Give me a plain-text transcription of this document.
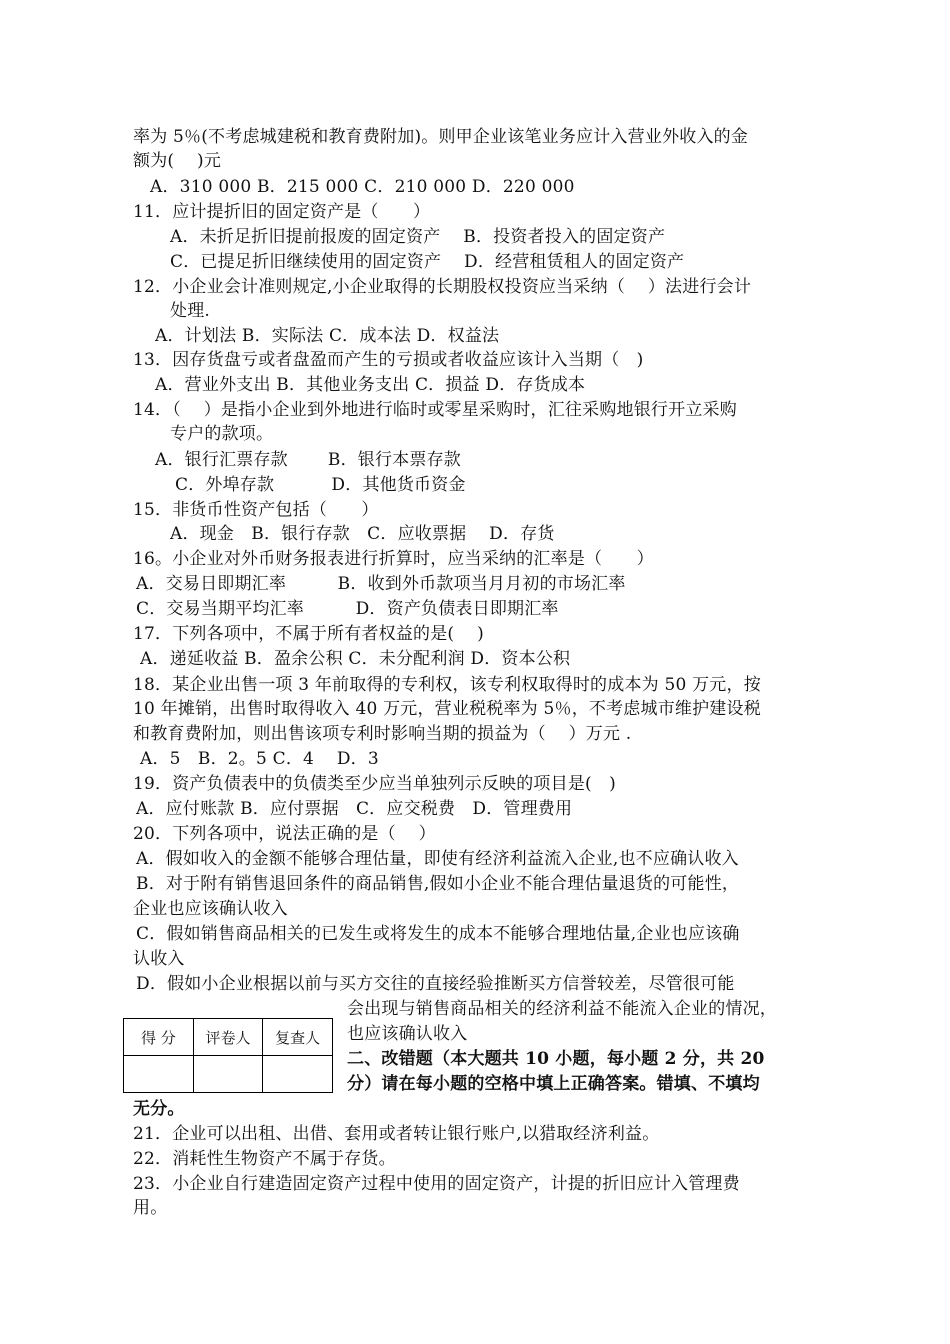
率为 5％(不考虑城建税和教育费附加)。则甲企业该笔业务应计入营业外收入的金
额为(　 )元
A．310 000 B．215 000 C．210 000 D．220 000
11．应计提折旧的固定资产是（　　）
A．未折足折旧提前报废的固定资产　 B．投资者投入的固定资产
C．已提足折旧继续使用的固定资产　 D．经营租赁租人的固定资产
12．小企业会计准则规定,小企业取得的长期股权投资应当采纳（　 ）法进行会计
处理.
A．计划法 B．实际法 C．成本法 D．权益法
13．因存货盘亏或者盘盈而产生的亏损或者收益应该计入当期（　)
A．营业外支出 B．其他业务支出 C．损益 D．存货成本
14．（　 ）是指小企业到外地进行临时或零星采购时，汇往采购地银行开立采购
专户的款项。
A．银行汇票存款　　 B．银行本票存款
C．外埠存款　　　 D．其他货币资金
15．非货币性资产包括（　　）
A．现金　B．银行存款　C．应收票据　 D．存货
16。小企业对外币财务报表进行折算时，应当采纳的汇率是（　　）
A．交易日即期汇率　　　B．收到外币款项当月月初的市场汇率
C．交易当期平均汇率　　　D．资产负债表日即期汇率
17．下列各项中，不属于所有者权益的是(　 )
A．递延收益 B．盈余公积 C．未分配利润 D．资本公积
18．某企业出售一项 3 年前取得的专利权，该专利权取得时的成本为 50 万元，按
10 年摊销，出售时取得收入 40 万元，营业税税率为 5％，不考虑城市维护建设税
和教育费附加，则出售该项专利时影响当期的损益为（　 ）万元 .
A．5　B．2。5 C．4　 D．3
19．资产负债表中的负债类至少应当单独列示反映的项目是(　)
A．应付账款 B．应付票据　C．应交税费　D．管理费用
20．下列各项中，说法正确的是（　 ）
A．假如收入的金额不能够合理估量，即使有经济利益流入企业,也不应确认收入
B．对于附有销售退回条件的商品销售,假如小企业不能合理估量退货的可能性，
企业也应该确认收入
C．假如销售商品相关的已发生或将发生的成本不能够合理地估量,企业也应该确
认收入
D．假如小企业根据以前与买方交往的直接经验推断买方信誉较差，尽管很可能
会出现与销售商品相关的经济利益不能流入企业的情况，
也应该确认收入
得 分	评卷人	复查人

二、改错题（本大题共 10 小题，每小题 2 分，共 20
分）请在每小题的空格中填上正确答案。错填、不填均
无分。
21．企业可以出租、出借、套用或者转让银行账户,以猎取经济利益。
22．消耗性生物资产不属于存货。
23．小企业自行建造固定资产过程中使用的固定资产，计提的折旧应计入管理费
用。
